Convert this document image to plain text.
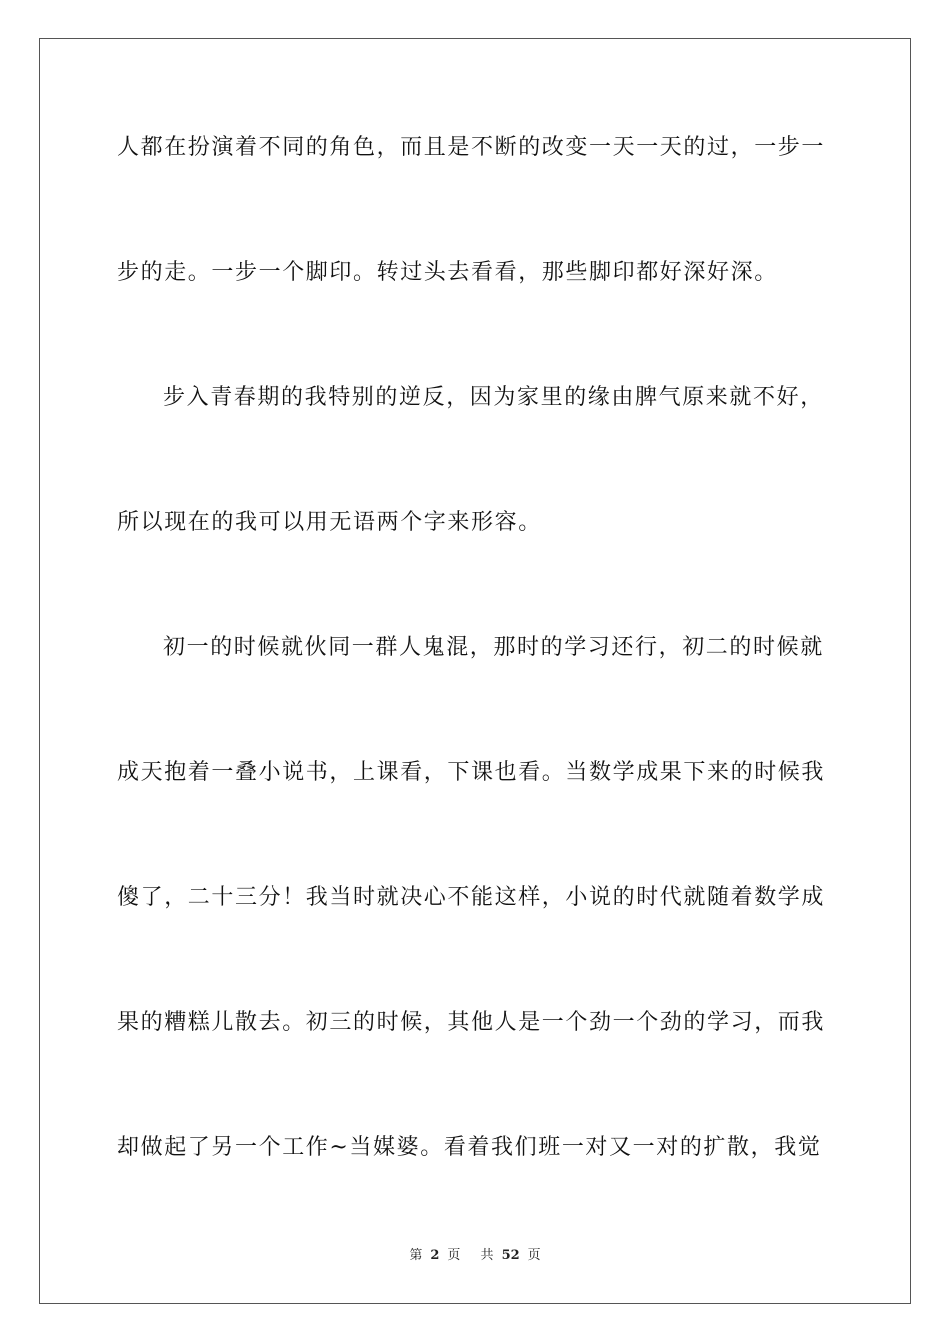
人都在扮演着不同的角色，而且是不断的改变一天一天的过，一步一
步的走。一步一个脚印。转过头去看看，那些脚印都好深好深。
步入青春期的我特别的逆反，因为家里的缘由脾气原来就不好，
所以现在的我可以用无语两个字来形容。
初一的时候就伙同一群人鬼混，那时的学习还行，初二的时候就
成天抱着一叠小说书，上课看，下课也看。当数学成果下来的时候我
傻了，二十三分！我当时就决心不能这样，小说的时代就随着数学成
果的糟糕儿散去。初三的时候，其他人是一个劲一个劲的学习，而我
却做起了另一个工作~当媒婆。看着我们班一对又一对的扩散，我觉
第 2 页 共 52 页
